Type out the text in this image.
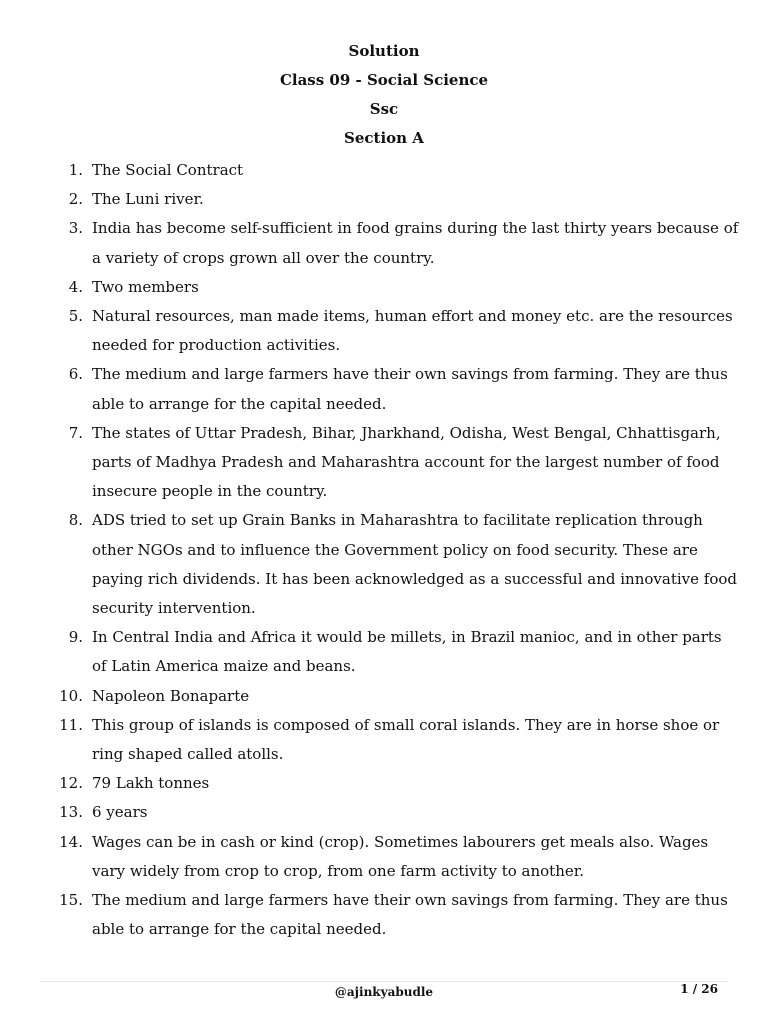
Solution
Class 09 - Social Science
Ssc
Section A
1. The Social Contract
2. The Luni river.
3. India has become self-sufficient in food grains during the last thirty years because of a variety of crops grown all over the country.
4. Two members
5. Natural resources, man made items, human effort and money etc. are the resources needed for production activities.
6. The medium and large farmers have their own savings from farming. They are thus able to arrange for the capital needed.
7. The states of Uttar Pradesh, Bihar, Jharkhand, Odisha, West Bengal, Chhattisgarh, parts of Madhya Pradesh and Maharashtra account for the largest number of food insecure people in the country.
8. ADS tried to set up Grain Banks in Maharashtra to facilitate replication through other NGOs and to influence the Government policy on food security. These are paying rich dividends. It has been acknowledged as a successful and innovative food security intervention.
9. In Central India and Africa it would be millets, in Brazil manioc, and in other parts of Latin America maize and beans.
10. Napoleon Bonaparte
11. This group of islands is composed of small coral islands. They are in horse shoe or ring shaped called atolls.
12. 79 Lakh tonnes
13. 6 years
14. Wages can be in cash or kind (crop). Sometimes labourers get meals also. Wages vary widely from crop to crop, from one farm activity to another.
15. The medium and large farmers have their own savings from farming. They are thus able to arrange for the capital needed.
@ajinkyabudle	1 / 26
